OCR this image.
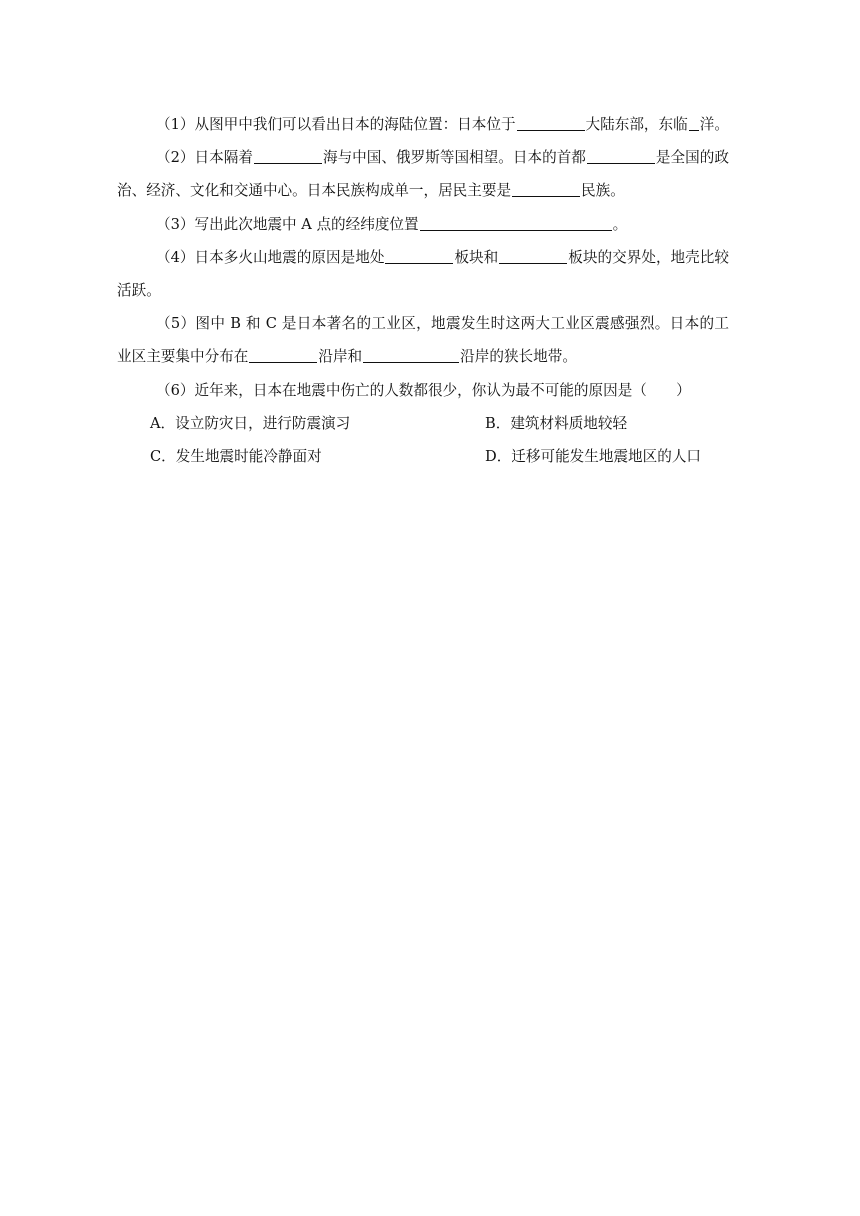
（1）从图甲中我们可以看出日本的海陆位置：日本位于	大陆东部，东临 洋。

（2）日本隔着	海与中国、俄罗斯等国相望。日本的首都	是全国的政治、经济、文化和交通中心。日本民族构成单一，居民主要是	民族。

（3）写出此次地震中 A 点的经纬度位置	。

（4）日本多火山地震的原因是地处	板块和	板块的交界处，地壳比较活跃。

（5）图中 B 和 C 是日本著名的工业区，地震发生时这两大工业区震感强烈。日本的工业区主要集中分布在	沿岸和	沿岸的狭长地带。

（6）近年来，日本在地震中伤亡的人数都很少，你认为最不可能的原因是（　　）

A．设立防灾日，进行防震演习	B．建筑材料质地较轻
C．发生地震时能冷静面对	D．迁移可能发生地震地区的人口
